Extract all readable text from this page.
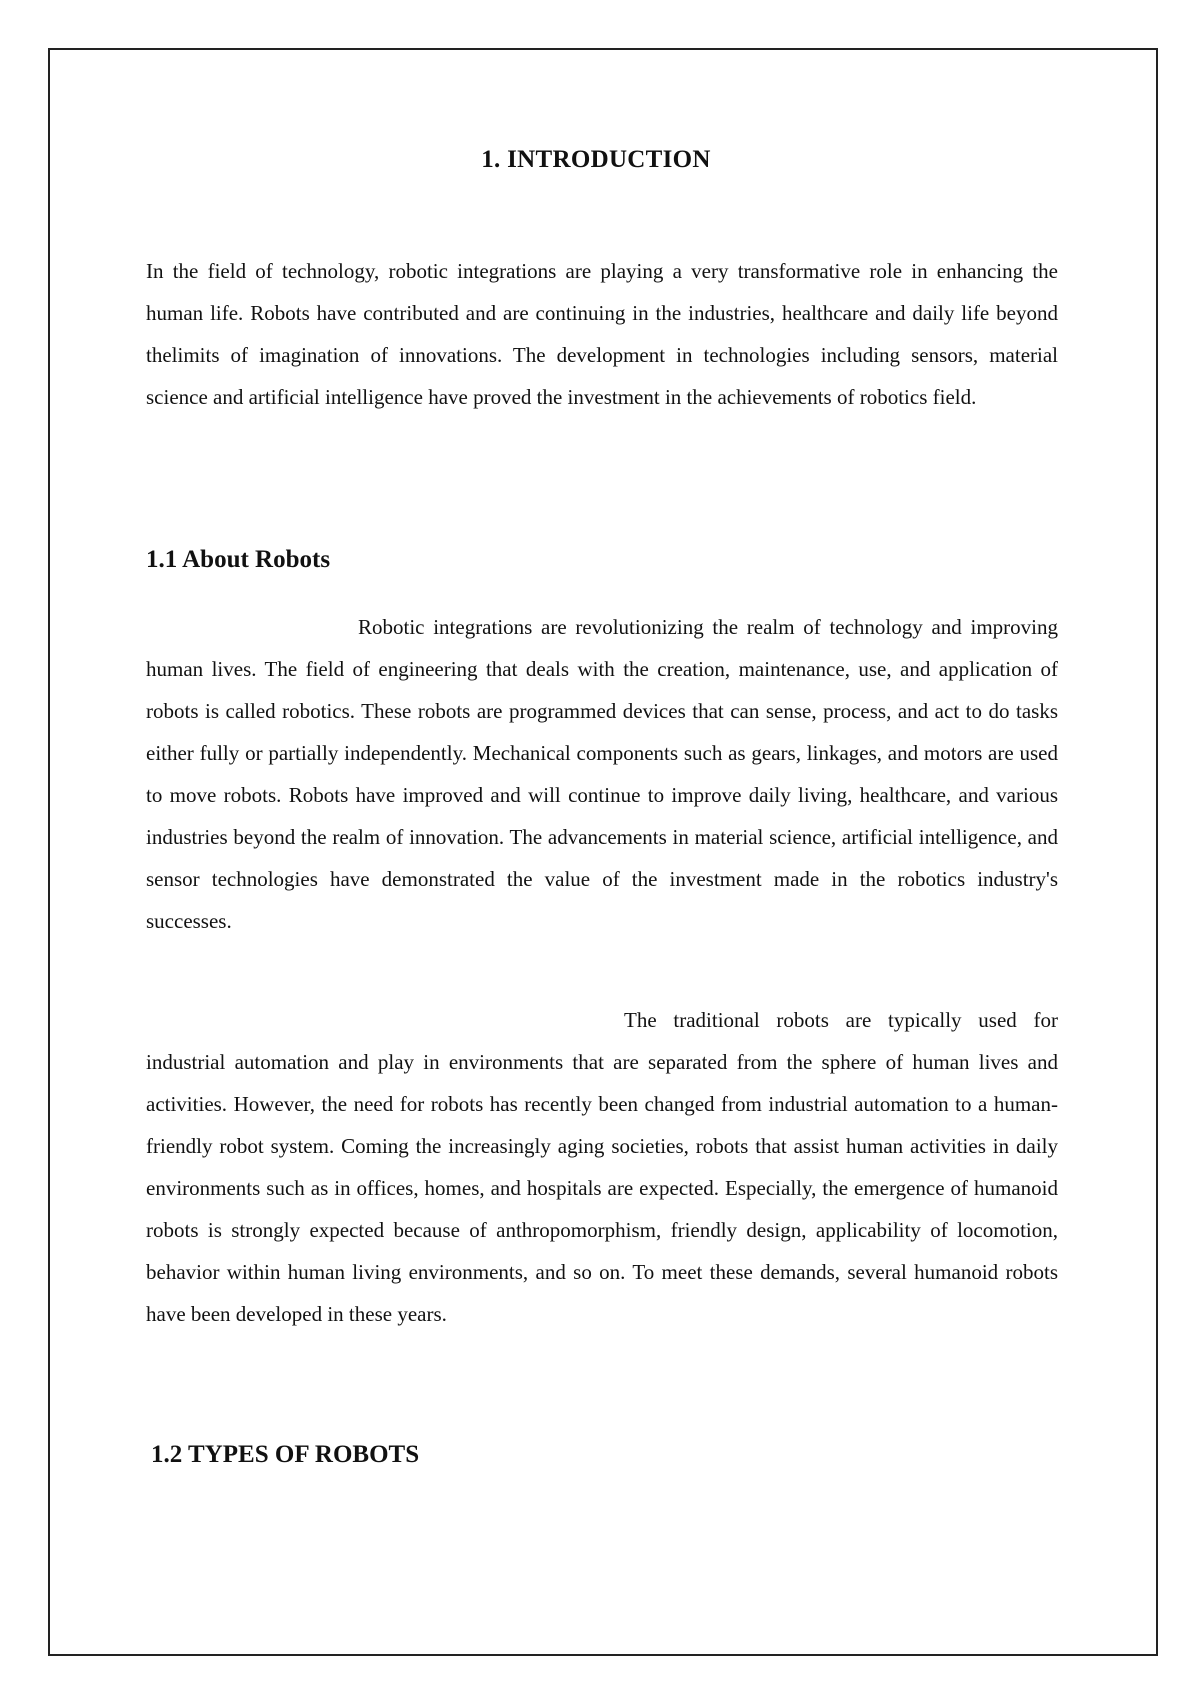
1. INTRODUCTION

In the field of technology, robotic integrations are playing a very transformative role in enhancing the human life. Robots have contributed and are continuing in the industries, healthcare and daily life beyond thelimits of imagination of innovations. The development in technologies including sensors, material science and artificial intelligence have proved the investment in the achievements of robotics field.

1.1 About Robots

Robotic integrations are revolutionizing the realm of technology and improving human lives. The field of engineering that deals with the creation, maintenance, use, and application of robots is called robotics. These robots are programmed devices that can sense, process, and act to do tasks either fully or partially independently. Mechanical components such as gears, linkages, and motors are used to move robots. Robots have improved and will continue to improve daily living, healthcare, and various industries beyond the realm of innovation. The advancements in material science, artificial intelligence, and sensor technologies have demonstrated the value of the investment made in the robotics industry's successes.

The traditional robots are typically used for industrial automation and play in environments that are separated from the sphere of human lives and activities. However, the need for robots has recently been changed from industrial automation to a human-friendly robot system. Coming the increasingly aging societies, robots that assist human activities in daily environments such as in offices, homes, and hospitals are expected. Especially, the emergence of humanoid robots is strongly expected because of anthropomorphism, friendly design, applicability of locomotion, behavior within human living environments, and so on. To meet these demands, several humanoid robots have been developed in these years.

1.2 TYPES OF ROBOTS
